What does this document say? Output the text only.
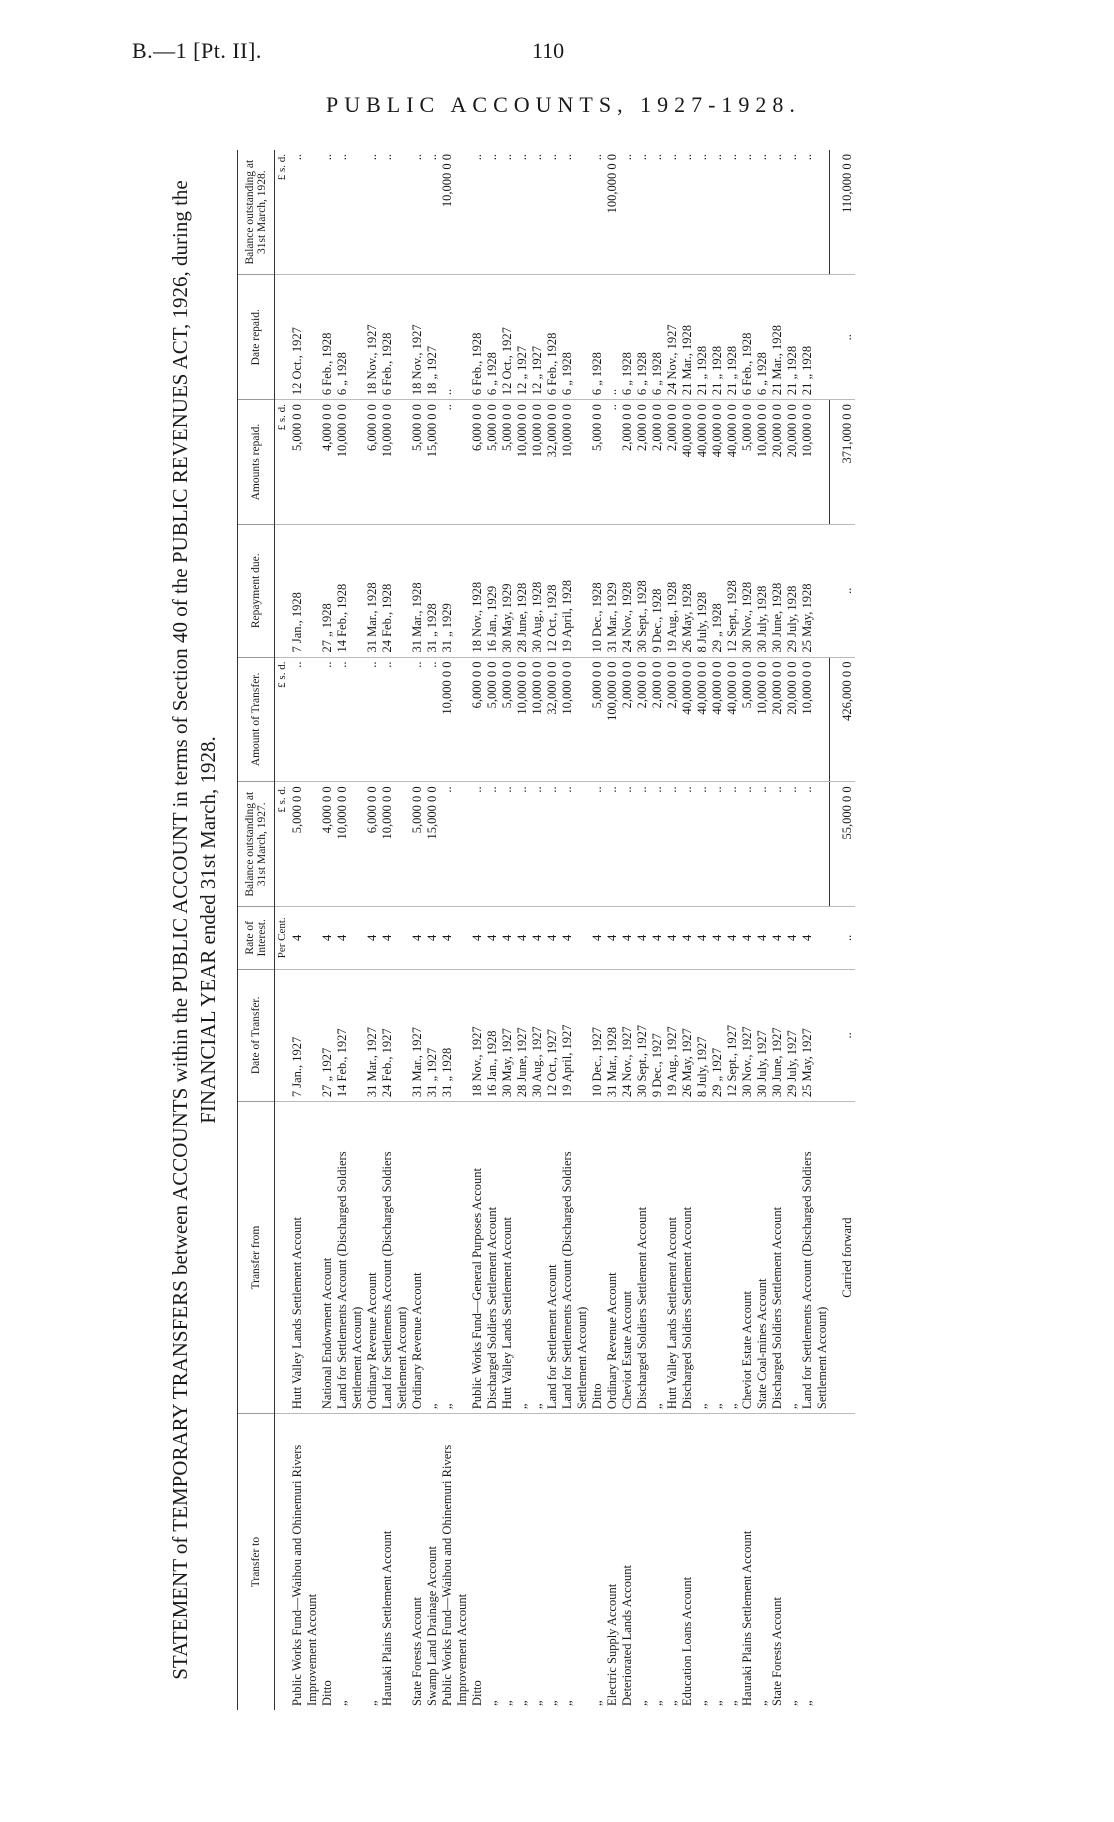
B.—1 [Pt. II].	110
PUBLIC ACCOUNTS, 1927-1928.

STATEMENT of TEMPORARY TRANSFERS between ACCOUNTS within the PUBLIC ACCOUNT in terms of Section 40 of the PUBLIC REVENUES ACT, 1926, during the FINANCIAL YEAR ended 31st March, 1928.

Transfer to	Transfer from	Date of Transfer.	Rate of Interest.	Balance outstanding at 31st March, 1927.	Amount of Transfer.	Repayment due.	Amounts repaid.	Date repaid.	Balance outstanding at 31st March, 1928.
			Per Cent.	£ s. d.	£ s. d.		£ s. d.		£ s. d.
Public Works Fund—Waihou and Ohinemuri Rivers Improvement Account	Hutt Valley Lands Settlement Account	7 Jan., 1927	4	5,000 0 0	..	7 Jan., 1928	5,000 0 0	12 Oct., 1927	..
Ditto	National Endowment Account	27 „ 1927	4	4,000 0 0	..	27 „ 1928	4,000 0 0	6 Feb., 1928	..
„	Land for Settlements Account (Discharged Soldiers Settlement Account)	14 Feb., 1927	4	10,000 0 0	..	14 Feb., 1928	10,000 0 0	6 „ 1928	..
„	Ordinary Revenue Account	31 Mar., 1927	4	6,000 0 0	..	31 Mar., 1928	6,000 0 0	18 Nov., 1927	..
Hauraki Plains Settlement Account	Land for Settlements Account (Discharged Soldiers Settlement Account)	24 Feb., 1927	4	10,000 0 0	..	24 Feb., 1928	10,000 0 0	6 Feb., 1928	..
State Forests Account	Ordinary Revenue Account	31 Mar., 1927	4	5,000 0 0	..	31 Mar., 1928	5,000 0 0	18 Nov., 1927	..
Swamp Land Drainage Account	„	31 „ 1927	4	15,000 0 0	..	31 „ 1928	15,000 0 0	18 „ 1927	..
Public Works Fund—Waihou and Ohinemuri Rivers Improvement Account	„	31 „ 1928	4	..	10,000 0 0	31 „ 1929	..	..	10,000 0 0
Ditto	Public Works Fund—General Purposes Account	18 Nov., 1927	4	..	6,000 0 0	18 Nov., 1928	6,000 0 0	6 Feb., 1928	..
„	Discharged Soldiers Settlement Account	16 Jan., 1928	4	..	5,000 0 0	16 Jan., 1929	5,000 0 0	6 „ 1928	..
„	Hutt Valley Lands Settlement Account	30 May, 1927	4	..	5,000 0 0	30 May, 1929	5,000 0 0	12 Oct., 1927	..
„	„	28 June, 1927	4	..	10,000 0 0	28 June, 1928	10,000 0 0	12 „ 1927	..
„	„	30 Aug., 1927	4	..	10,000 0 0	30 Aug., 1928	10,000 0 0	12 „ 1927	..
„	Land for Settlement Account	12 Oct., 1927	4	..	32,000 0 0	12 Oct., 1928	32,000 0 0	6 Feb., 1928	..
„	Land for Settlements Account (Discharged Soldiers Settlement Account)	19 April, 1927	4	..	10,000 0 0	19 April, 1928	10,000 0 0	6 „ 1928	..
„	Ditto	10 Dec., 1927	4	..	5,000 0 0	10 Dec., 1928	5,000 0 0	6 „ 1928	..
Electric Supply Account	Ordinary Revenue Account	31 Mar., 1928	4	..	100,000 0 0	31 Mar., 1929	..	..	100,000 0 0
Deteriorated Lands Account	Cheviot Estate Account	24 Nov., 1927	4	..	2,000 0 0	24 Nov., 1928	2,000 0 0	6 „ 1928	..
„	Discharged Soldiers Settlement Account	30 Sept., 1927	4	..	2,000 0 0	30 Sept., 1928	2,000 0 0	6 „ 1928	..
„	„	9 Dec., 1927	4	..	2,000 0 0	9 Dec., 1928	2,000 0 0	6 „ 1928	..
„	Hutt Valley Lands Settlement Account	19 Aug., 1927	4	..	2,000 0 0	19 Aug., 1928	2,000 0 0	24 Nov., 1927	..
Education Loans Account	Discharged Soldiers Settlement Account	26 May, 1927	4	..	40,000 0 0	26 May, 1928	40,000 0 0	21 Mar., 1928	..
„	„	8 July, 1927	4	..	40,000 0 0	8 July, 1928	40,000 0 0	21 „ 1928	..
„	„	29 „ 1927	4	..	40,000 0 0	29 „ 1928	40,000 0 0	21 „ 1928	..
„	„	12 Sept., 1927	4	..	40,000 0 0	12 Sept., 1928	40,000 0 0	21 „ 1928	..
Hauraki Plains Settlement Account	Cheviot Estate Account	30 Nov., 1927	4	..	5,000 0 0	30 Nov., 1928	5,000 0 0	6 Feb., 1928	..
„	State Coal-mines Account	30 July, 1927	4	..	10,000 0 0	30 July, 1928	10,000 0 0	6 „ 1928	..
State Forests Account	Discharged Soldiers Settlement Account	30 June, 1927	4	..	20,000 0 0	30 June, 1928	20,000 0 0	21 Mar., 1928	..
„	„	29 July, 1927	4	..	20,000 0 0	29 July, 1928	20,000 0 0	21 „ 1928	..
„	Land for Settlements Account (Discharged Soldiers Settlement Account)	25 May, 1927	4	..	10,000 0 0	25 May, 1928	10,000 0 0	21 „ 1928	..
	Carried forward	..	..	55,000 0 0	426,000 0 0	..	371,000 0 0	..	110,000 0 0
